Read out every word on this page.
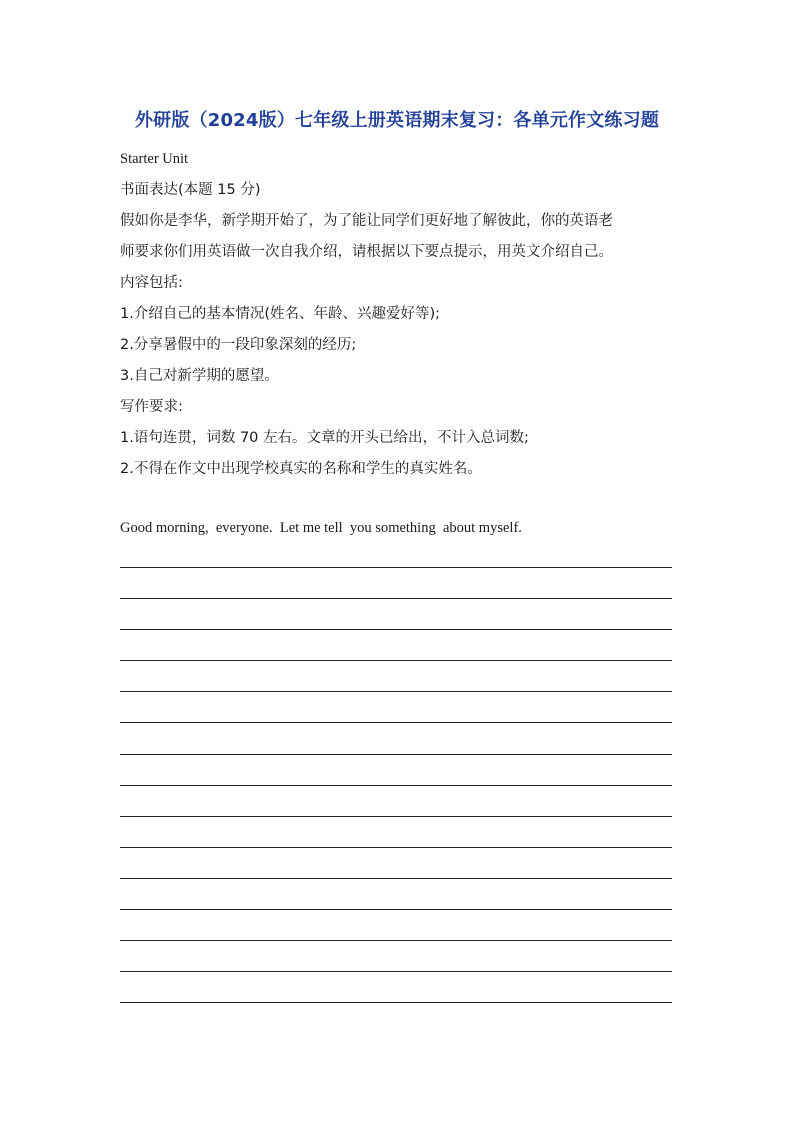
外研版（2024版）七年级上册英语期末复习：各单元作文练习题

Starter Unit

书面表达(本题 15 分)

假如你是李华，新学期开始了，为了能让同学们更好地了解彼此，你的英语老

师要求你们用英语做一次自我介绍，请根据以下要点提示，用英文介绍自己。

内容包括:

1.介绍自己的基本情况(姓名、年龄、兴趣爱好等);

2.分享暑假中的一段印象深刻的经历;

3.自己对新学期的愿望。

写作要求:

1.语句连贯，词数 70 左右。文章的开头已给出，不计入总词数;

2.不得在作文中出现学校真实的名称和学生的真实姓名。

Good morning,  everyone.  Let me tell  you something  about myself.
